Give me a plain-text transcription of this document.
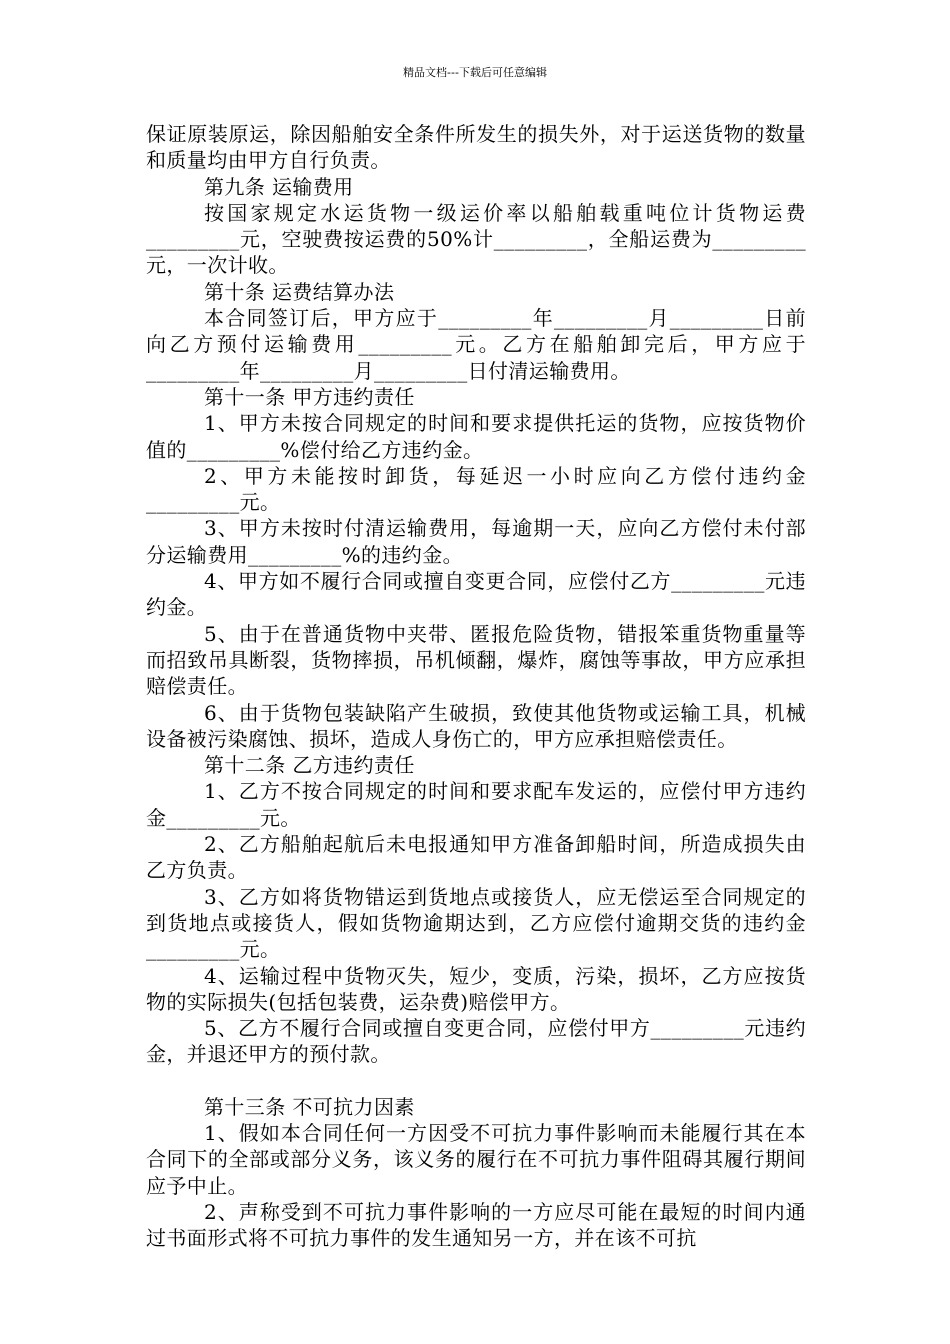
精品文档---下载后可任意编辑

保证原装原运，除因船舶安全条件所发生的损失外，对于运送货物的数量和质量均由甲方自行负责。

第九条 运输费用

按国家规定水运货物一级运价率以船舶载重吨位计货物运费_________元，空驶费按运费的50%计_________，全船运费为_________元，一次计收。

第十条 运费结算办法

本合同签订后，甲方应于_________年_________月_________日前向乙方预付运输费用_________元。乙方在船舶卸完后，甲方应于_________年_________月_________日付清运输费用。

第十一条 甲方违约责任

1、甲方未按合同规定的时间和要求提供托运的货物，应按货物价值的_________%偿付给乙方违约金。

2、甲方未能按时卸货，每延迟一小时应向乙方偿付违约金_________元。

3、甲方未按时付清运输费用，每逾期一天，应向乙方偿付未付部分运输费用_________%的违约金。

4、甲方如不履行合同或擅自变更合同，应偿付乙方_________元违约金。

5、由于在普通货物中夹带、匿报危险货物，错报笨重货物重量等而招致吊具断裂，货物摔损，吊机倾翻，爆炸，腐蚀等事故，甲方应承担赔偿责任。

6、由于货物包装缺陷产生破损，致使其他货物或运输工具，机械设备被污染腐蚀、损坏，造成人身伤亡的，甲方应承担赔偿责任。

第十二条 乙方违约责任

1、乙方不按合同规定的时间和要求配车发运的，应偿付甲方违约金_________元。

2、乙方船舶起航后未电报通知甲方准备卸船时间，所造成损失由乙方负责。

3、乙方如将货物错运到货地点或接货人，应无偿运至合同规定的到货地点或接货人，假如货物逾期达到，乙方应偿付逾期交货的违约金_________元。

4、运输过程中货物灭失，短少，变质，污染，损坏，乙方应按货物的实际损失(包括包装费，运杂费)赔偿甲方。

5、乙方不履行合同或擅自变更合同，应偿付甲方_________元违约金，并退还甲方的预付款。

第十三条 不可抗力因素

1、假如本合同任何一方因受不可抗力事件影响而未能履行其在本合同下的全部或部分义务，该义务的履行在不可抗力事件阻碍其履行期间应予中止。

2、声称受到不可抗力事件影响的一方应尽可能在最短的时间内通过书面形式将不可抗力事件的发生通知另一方，并在该不可抗
